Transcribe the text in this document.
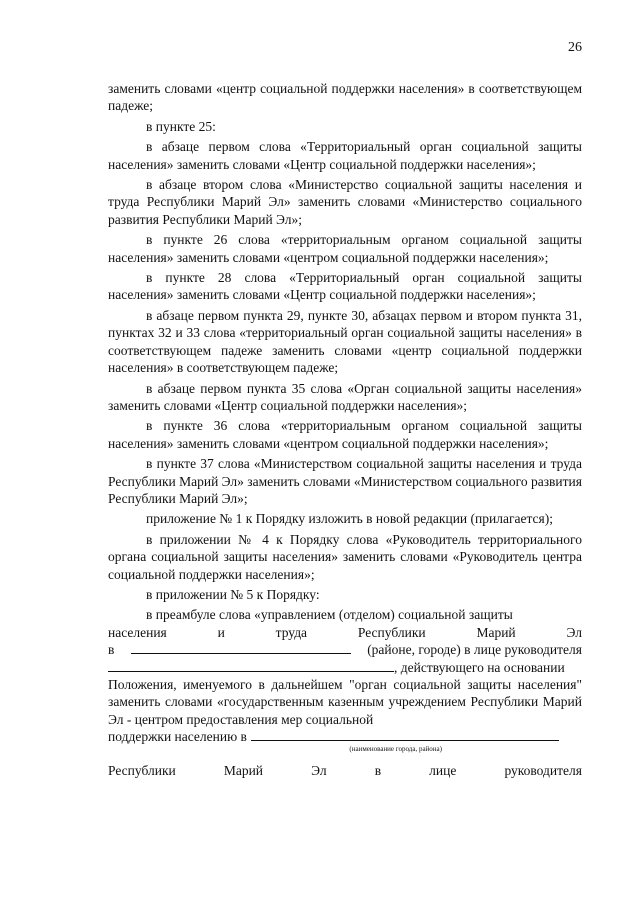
26

заменить словами «центр социальной поддержки населения» в соответствующем падеже;

в пункте 25:

в абзаце первом слова «Территориальный орган социальной защиты населения» заменить словами «Центр социальной поддержки населения»;

в абзаце втором слова «Министерство социальной защиты населения и труда Республики Марий Эл» заменить словами «Министерство социального развития Республики Марий Эл»;

в пункте 26 слова «территориальным органом социальной защиты населения» заменить словами «центром социальной поддержки населения»;

в пункте 28 слова «Территориальный орган социальной защиты населения» заменить словами «Центр социальной поддержки населения»;

в абзаце первом пункта 29, пункте 30, абзацах первом и втором пункта 31, пунктах 32 и 33 слова «территориальный орган социальной защиты населения» в соответствующем падеже заменить словами «центр социальной поддержки населения» в соответствующем падеже;

в абзаце первом пункта 35 слова «Орган социальной защиты населения» заменить словами «Центр социальной поддержки населения»;

в пункте 36 слова «территориальным органом социальной защиты населения» заменить словами «центром социальной поддержки населения»;

в пункте 37 слова «Министерством социальной защиты населения и труда Республики Марий Эл» заменить словами «Министерством социального развития Республики Марий Эл»;

приложение № 1 к Порядку изложить в новой редакции (прилагается);

в приложении № 4 к Порядку слова «Руководитель территориального органа социальной защиты населения» заменить словами «Руководитель центра социальной поддержки населения»;

в приложении № 5 к Порядку:

в преамбуле слова «управлением (отделом) социальной защиты

населения	и	труда	Республики	Марий	Эл
в	(районе, городе) в лице руководителя
, действующего на основании

Положения, именуемого в дальнейшем "орган социальной защиты населения" заменить словами «государственным казенным учреждением Республики Марий Эл - центром предоставления мер социальной

поддержки населению в
(наименование города, района)
Республики	Марий	Эл	в	лице	руководителя
